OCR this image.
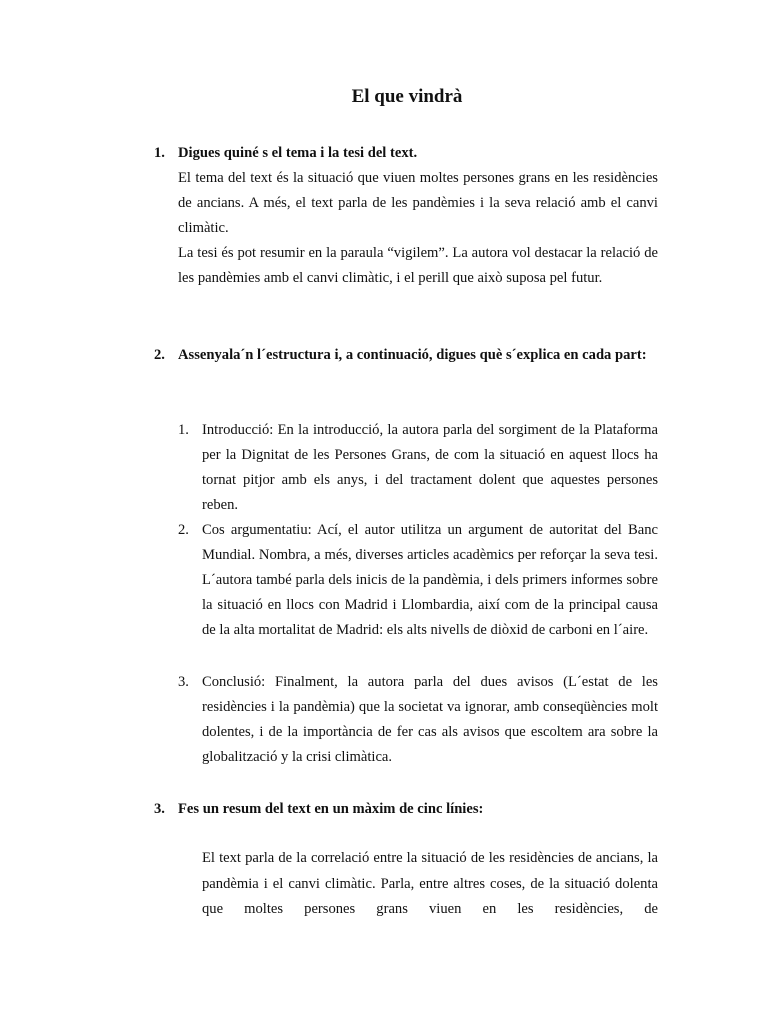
El que vindrà
1. Digues quiné s el tema i la tesi del text.
El tema del text és la situació que viuen moltes persones grans en les residències de ancians. A més, el text parla de les pandèmies i la seva relació amb el canvi climàtic.
La tesi és pot resumir en la paraula “vigilem”. La autora vol destacar la relació de les pandèmies amb el canvi climàtic, i el perill que això suposa pel futur.
2. Assenyala´n l´estructura i, a continuació, digues què s´explica en cada part:
1. Introducció: En la introducció, la autora parla del sorgiment de la Plataforma per la Dignitat de les Persones Grans, de com la situació en aquest llocs ha tornat pitjor amb els anys, i del tractament dolent que aquestes persones reben.
2. Cos argumentatiu: Ací, el autor utilitza un argument de autoritat del Banc Mundial. Nombra, a més, diverses articles acadèmics per reforçar la seva tesi. L´autora també parla dels inicis de la pandèmia, i dels primers informes sobre la situació en llocs con Madrid i Llombardia, així com de la principal causa de la alta mortalitat de Madrid: els alts nivells de diòxid de carboni en l´aire.
3. Conclusió: Finalment, la autora parla del dues avisos (L´estat de les residències i la pandèmia) que la societat va ignorar, amb conseqüències molt dolentes, i de la importància de fer cas als avisos que escoltem ara sobre la globalització y la crisi climàtica.
3. Fes un resum del text en un màxim de cinc línies:
El text parla de la correlació entre la situació de les residències de ancians, la pandèmia i el canvi climàtic. Parla, entre altres coses, de la situació dolenta que moltes persones grans viuen en les residències, de
